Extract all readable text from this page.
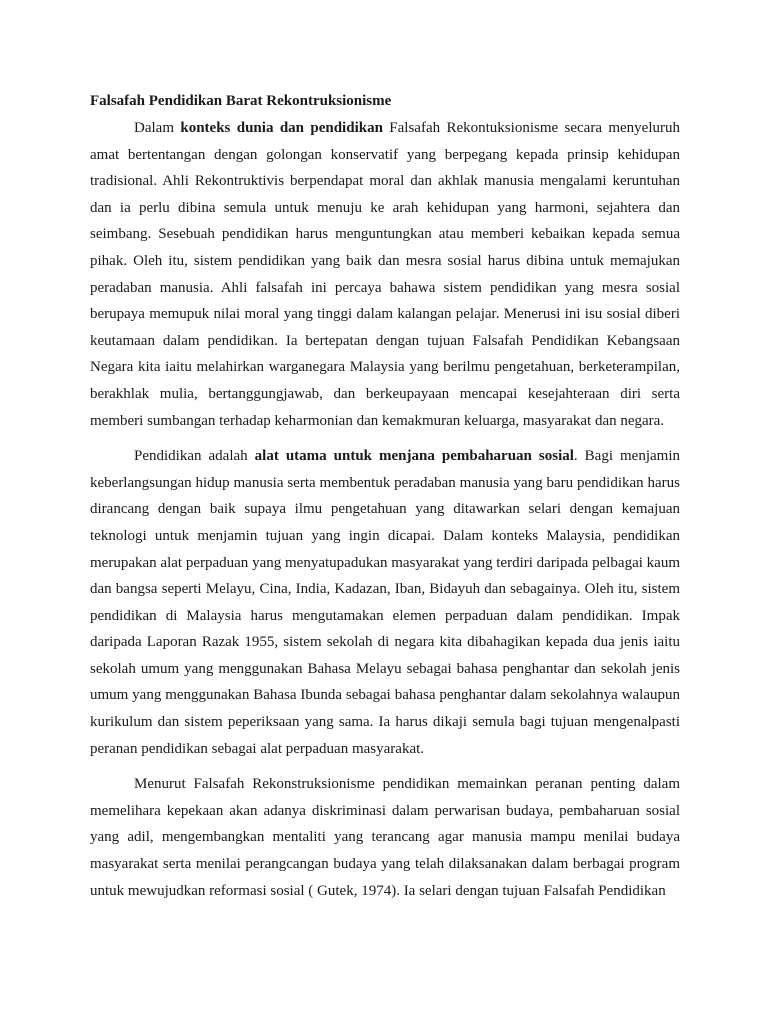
Falsafah Pendidikan Barat Rekontruksionisme

Dalam konteks dunia dan pendidikan Falsafah Rekontuksionisme secara menyeluruh amat bertentangan dengan golongan konservatif yang berpegang kepada prinsip kehidupan tradisional. Ahli Rekontruktivis berpendapat moral dan akhlak manusia mengalami keruntuhan dan ia perlu dibina semula untuk menuju ke arah kehidupan yang harmoni, sejahtera dan seimbang. Sesebuah pendidikan harus menguntungkan atau memberi kebaikan kepada semua pihak. Oleh itu, sistem pendidikan yang baik dan mesra sosial harus dibina untuk memajukan peradaban manusia. Ahli falsafah ini percaya bahawa sistem pendidikan yang mesra sosial berupaya memupuk nilai moral yang tinggi dalam kalangan pelajar. Menerusi ini isu sosial diberi keutamaan dalam pendidikan. Ia bertepatan dengan tujuan Falsafah Pendidikan Kebangsaan Negara kita iaitu melahirkan warganegara Malaysia yang berilmu pengetahuan, berketerampilan, berakhlak mulia, bertanggungjawab, dan berkeupayaan mencapai kesejahteraan diri serta memberi sumbangan terhadap keharmonian dan kemakmuran keluarga, masyarakat dan negara.

Pendidikan adalah alat utama untuk menjana pembaharuan sosial. Bagi menjamin keberlangsungan hidup manusia serta membentuk peradaban manusia yang baru pendidikan harus dirancang dengan baik supaya ilmu pengetahuan yang ditawarkan selari dengan kemajuan teknologi untuk menjamin tujuan yang ingin dicapai. Dalam konteks Malaysia, pendidikan merupakan alat perpaduan yang menyatupadukan masyarakat yang terdiri daripada pelbagai kaum dan bangsa seperti Melayu, Cina, India, Kadazan, Iban, Bidayuh dan sebagainya. Oleh itu, sistem pendidikan di Malaysia harus mengutamakan elemen perpaduan dalam pendidikan. Impak daripada Laporan Razak 1955, sistem sekolah di negara kita dibahagikan kepada dua jenis iaitu sekolah umum yang menggunakan Bahasa Melayu sebagai bahasa penghantar dan sekolah jenis umum yang menggunakan Bahasa Ibunda sebagai bahasa penghantar dalam sekolahnya walaupun kurikulum dan sistem peperiksaan yang sama. Ia harus dikaji semula bagi tujuan mengenalpasti peranan pendidikan sebagai alat perpaduan masyarakat.

Menurut Falsafah Rekonstruksionisme pendidikan memainkan peranan penting dalam memelihara kepekaan akan adanya diskriminasi dalam perwarisan budaya, pembaharuan sosial yang adil, mengembangkan mentaliti yang terancang agar manusia mampu menilai budaya masyarakat serta menilai perangcangan budaya yang telah dilaksanakan dalam berbagai program untuk mewujudkan reformasi sosial ( Gutek, 1974). Ia selari dengan tujuan Falsafah Pendidikan
